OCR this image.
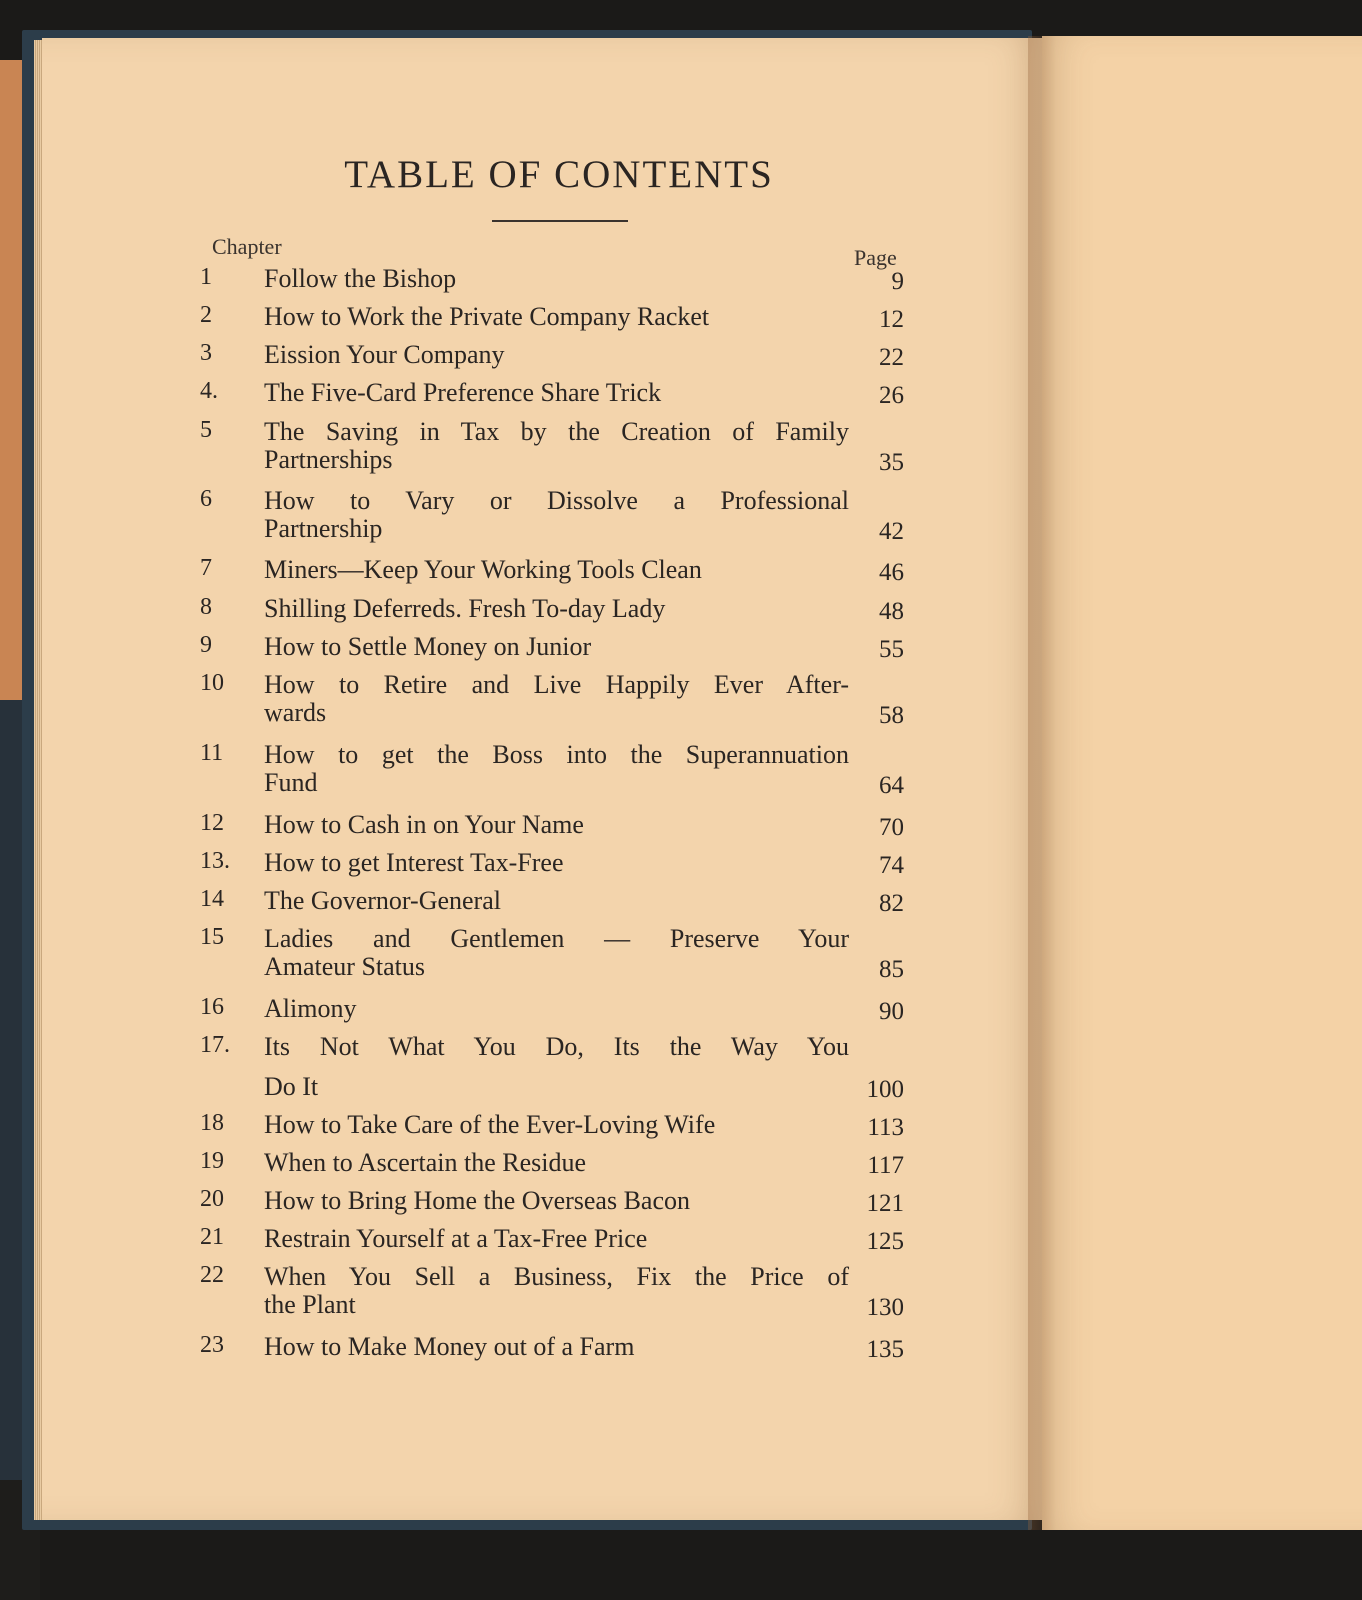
TABLE OF CONTENTS
Chapter	Page
1	Follow the Bishop	9
2	How to Work the Private Company Racket	12
3	Eission Your Company	22
4.	The Five-Card Preference Share Trick	26
5	The Saving in Tax by the Creation of Family
Partnerships	35
6	How to Vary or Dissolve a Professional
Partnership	42
7	Miners—Keep Your Working Tools Clean	46
8	Shilling Deferreds. Fresh To-day Lady	48
9	How to Settle Money on Junior	55
10	How to Retire and Live Happily Ever After-
wards	58
11	How to get the Boss into the Superannuation
Fund	64
12	How to Cash in on Your Name	70
13.	How to get Interest Tax-Free	74
14	The Governor-General	82
15	Ladies and Gentlemen — Preserve Your
Amateur Status	85
16	Alimony	90
17.	Its Not What You Do, Its the Way You
Do It	100
18	How to Take Care of the Ever-Loving Wife	113
19	When to Ascertain the Residue	117
20	How to Bring Home the Overseas Bacon	121
21	Restrain Yourself at a Tax-Free Price	125
22	When You Sell a Business, Fix the Price of
the Plant	130
23	How to Make Money out of a Farm	135
